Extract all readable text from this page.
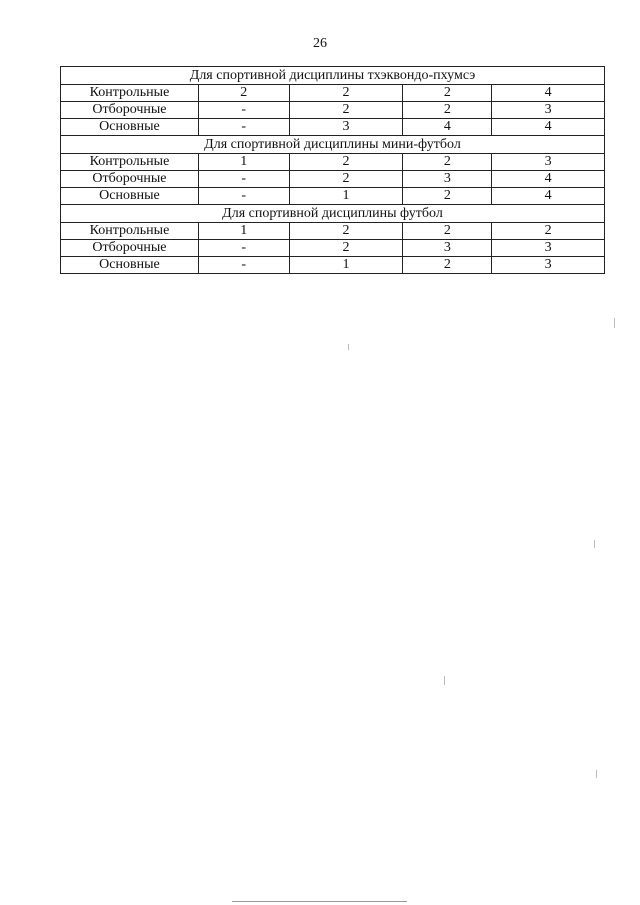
26
Для спортивной дисциплины тхэквондо-пхумсэ				
Контрольные	2	2	2	4
Отборочные	-	2	2	3
Основные	-	3	4	4
Для спортивной дисциплины мини-футбол				
Контрольные	1	2	2	3
Отборочные	-	2	3	4
Основные	-	1	2	4
Для спортивной дисциплины футбол				
Контрольные	1	2	2	2
Отборочные	-	2	3	3
Основные	-	1	2	3
